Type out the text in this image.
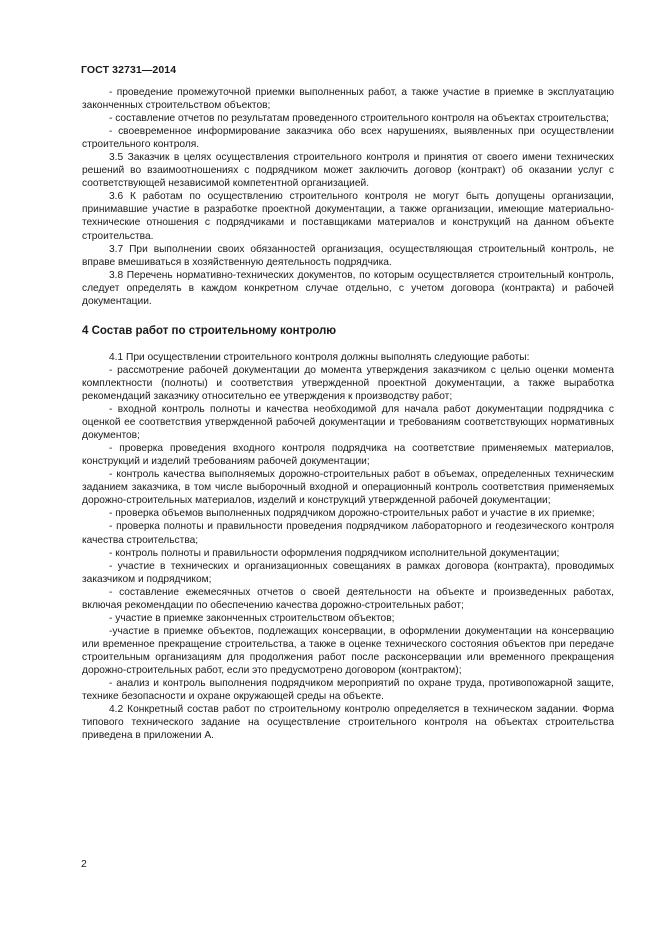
ГОСТ 32731—2014

- проведение промежуточной приемки выполненных работ, а также участие в приемке в эксплуатацию законченных строительством объектов;

- составление отчетов по результатам проведенного строительного контроля на объектах строительства;

- своевременное информирование заказчика обо всех нарушениях, выявленных при осуществлении строительного контроля.

3.5 Заказчик в целях осуществления строительного контроля и принятия от своего имени технических решений во взаимоотношениях с подрядчиком может заключить договор (контракт) об оказании услуг с соответствующей независимой компетентной организацией.

3.6 К работам по осуществлению строительного контроля не могут быть допущены организации, принимавшие участие в разработке проектной документации, а также организации, имеющие материально-технические отношения с подрядчиками и поставщиками материалов и конструкций на данном объекте строительства.

3.7 При выполнении своих обязанностей организация, осуществляющая строительный контроль, не вправе вмешиваться в хозяйственную деятельность подрядчика.

3.8 Перечень нормативно-технических документов, по которым осуществляется строительный контроль, следует определять в каждом конкретном случае отдельно, с учетом договора (контракта) и рабочей документации.

4 Состав работ по строительному контролю

4.1 При осуществлении строительного контроля должны выполнять следующие работы:

- рассмотрение рабочей документации до момента утверждения заказчиком с целью оценки момента комплектности (полноты) и соответствия утвержденной проектной документации, а также выработка рекомендаций заказчику относительно ее утверждения к производству работ;

- входной контроль полноты и качества необходимой для начала работ документации подрядчика с оценкой ее соответствия утвержденной рабочей документации и требованиям соответствующих нормативных документов;

- проверка проведения входного контроля подрядчика на соответствие применяемых материалов, конструкций и изделий требованиям рабочей документации;

- контроль качества выполняемых дорожно-строительных работ в объемах, определенных техническим заданием заказчика, в том числе выборочный входной и операционный контроль соответствия применяемых дорожно-строительных материалов, изделий и конструкций утвержденной рабочей документации;

- проверка объемов выполненных подрядчиком дорожно-строительных работ и участие в их приемке;

- проверка полноты и правильности проведения подрядчиком лабораторного и геодезического контроля качества строительства;

- контроль полноты и правильности оформления подрядчиком исполнительной документации;

- участие в технических и организационных совещаниях в рамках договора (контракта), проводимых заказчиком и подрядчиком;

- составление ежемесячных отчетов о своей деятельности на объекте и произведенных работах, включая рекомендации по обеспечению качества дорожно-строительных работ;

- участие в приемке законченных строительством объектов;

-участие в приемке объектов, подлежащих консервации, в оформлении документации на консервацию или временное прекращение строительства, а также в оценке технического состояния объектов при передаче строительным организациям для продолжения работ после расконсервации или временного прекращения дорожно-строительных работ, если это предусмотрено договором (контрактом);

- анализ и контроль выполнения подрядчиком мероприятий по охране труда, противопожарной защите, технике безопасности и охране окружающей среды на объекте.

4.2 Конкретный состав работ по строительному контролю определяется в техническом задании. Форма типового технического задание на осуществление строительного контроля на объектах строительства приведена в приложении А.

2
